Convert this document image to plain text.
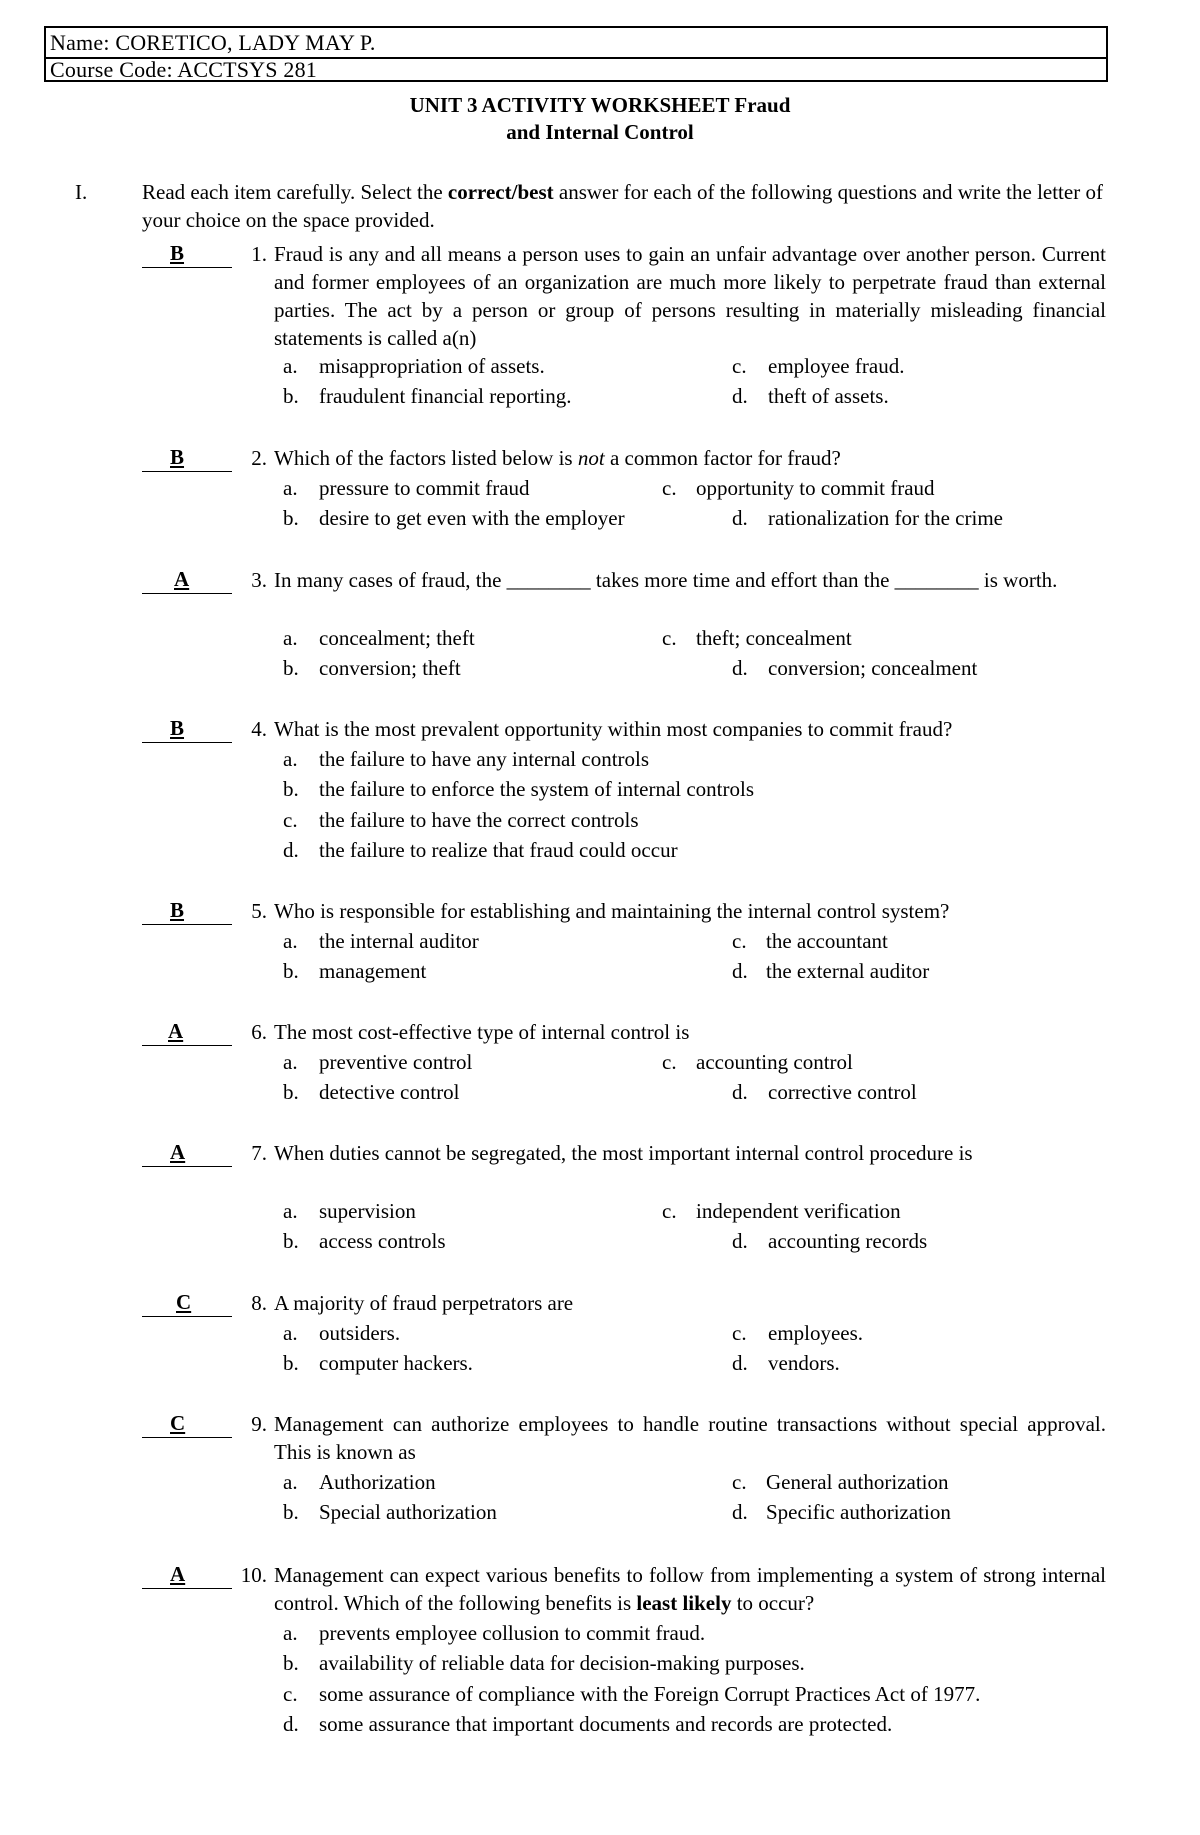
Name: CORETICO, LADY MAY P.
Course Code: ACCTSYS 281
UNIT 3 ACTIVITY WORKSHEET Fraud
and Internal Control
I.	Read each item carefully. Select the correct/best answer for each of the following questions and write the letter of your choice on the space provided.
B	1. Fraud is any and all means a person uses to gain an unfair advantage over another person. Current and former employees of an organization are much more likely to perpetrate fraud than external parties. The act by a person or group of persons resulting in materially misleading financial statements is called a(n)
a. misappropriation of assets.	c. employee fraud.
b. fraudulent financial reporting.	d. theft of assets.
B	2. Which of the factors listed below is not a common factor for fraud?
a. pressure to commit fraud	c. opportunity to commit fraud
b. desire to get even with the employer	d. rationalization for the crime
A	3. In many cases of fraud, the ________ takes more time and effort than the ________ is worth.
a. concealment; theft	c. theft; concealment
b. conversion; theft	d. conversion; concealment
B	4. What is the most prevalent opportunity within most companies to commit fraud?
a. the failure to have any internal controls
b. the failure to enforce the system of internal controls
c. the failure to have the correct controls
d. the failure to realize that fraud could occur
B	5. Who is responsible for establishing and maintaining the internal control system?
a. the internal auditor	c. the accountant
b. management	d. the external auditor
A	6. The most cost-effective type of internal control is
a. preventive control	c. accounting control
b. detective control	d. corrective control
A	7. When duties cannot be segregated, the most important internal control procedure is
a. supervision	c. independent verification
b. access controls	d. accounting records
C	8. A majority of fraud perpetrators are
a. outsiders.	c. employees.
b. computer hackers.	d. vendors.
C	9. Management can authorize employees to handle routine transactions without special approval. This is known as
a. Authorization	c. General authorization
b. Special authorization	d. Specific authorization
A	10. Management can expect various benefits to follow from implementing a system of strong internal control. Which of the following benefits is least likely to occur?
a. prevents employee collusion to commit fraud.
b. availability of reliable data for decision-making purposes.
c. some assurance of compliance with the Foreign Corrupt Practices Act of 1977.
d. some assurance that important documents and records are protected.
